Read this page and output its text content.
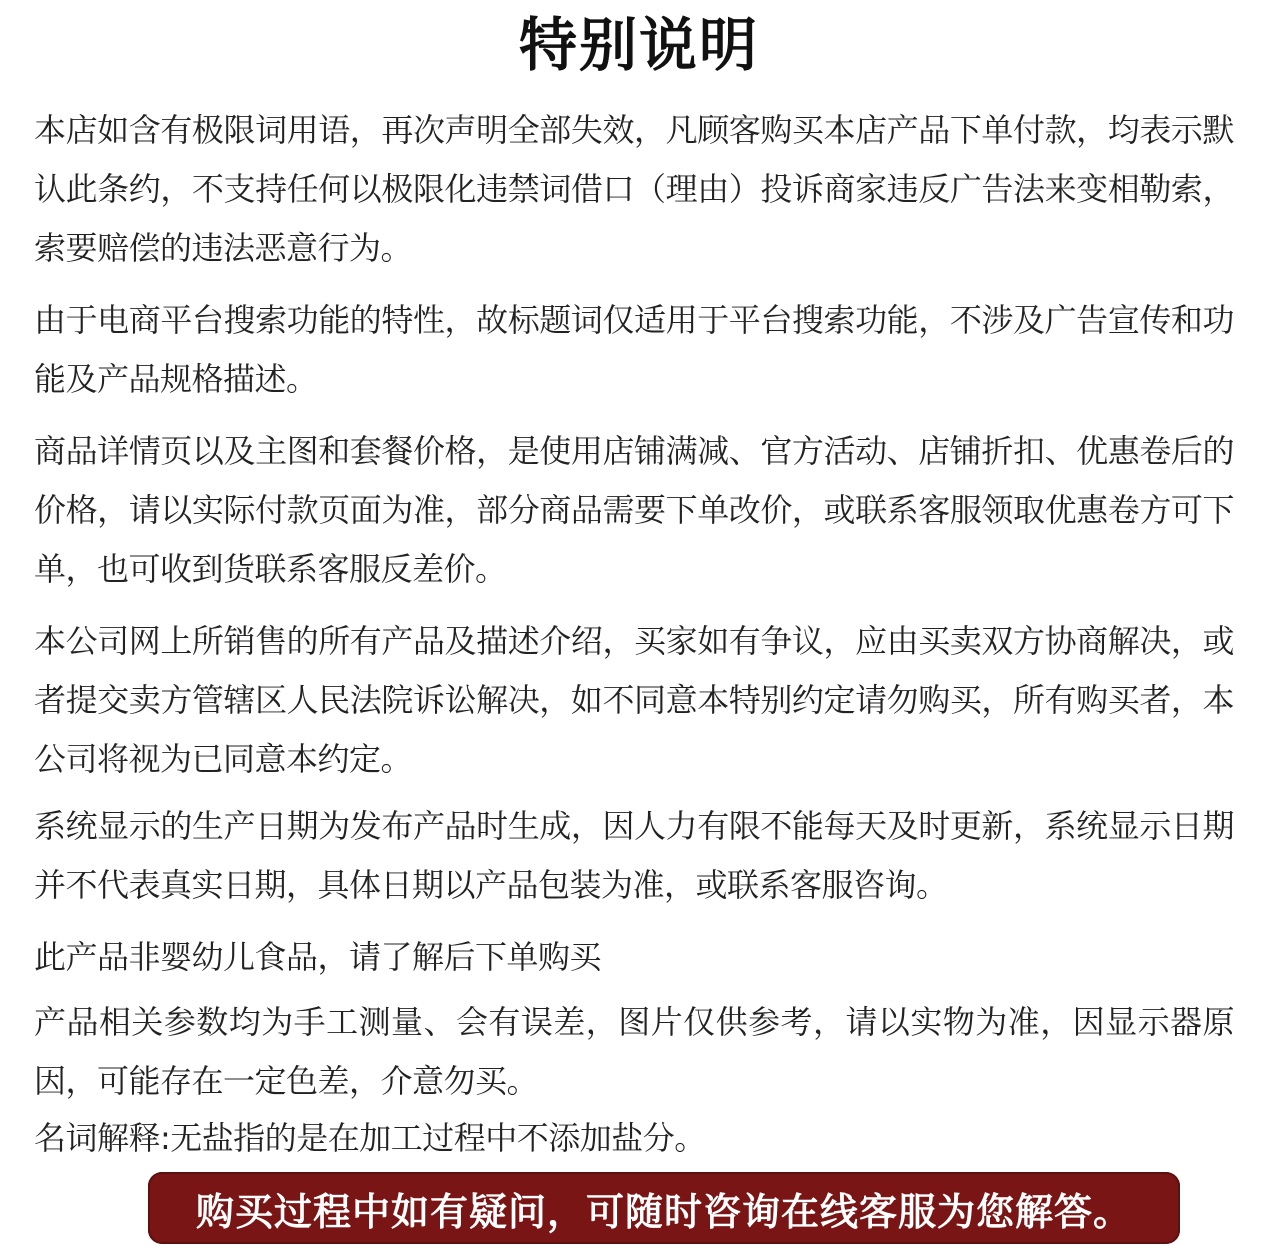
特别说明
本店如含有极限词用语，再次声明全部失效，凡顾客购买本店产品下单付款，均表示默认此条约，不支持任何以极限化违禁词借口（理由）投诉商家违反广告法来变相勒索，索要赔偿的违法恶意行为。
由于电商平台搜索功能的特性，故标题词仅适用于平台搜索功能，不涉及广告宣传和功能及产品规格描述。
商品详情页以及主图和套餐价格，是使用店铺满减、官方活动、店铺折扣、优惠卷后的价格，请以实际付款页面为准，部分商品需要下单改价，或联系客服领取优惠卷方可下单，也可收到货联系客服反差价。
本公司网上所销售的所有产品及描述介绍，买家如有争议，应由买卖双方协商解决，或者提交卖方管辖区人民法院诉讼解决，如不同意本特别约定请勿购买，所有购买者，本公司将视为已同意本约定。
系统显示的生产日期为发布产品时生成，因人力有限不能每天及时更新，系统显示日期并不代表真实日期，具体日期以产品包装为准，或联系客服咨询。
此产品非婴幼儿食品，请了解后下单购买
产品相关参数均为手工测量、会有误差，图片仅供参考，请以实物为准，因显示器原因，可能存在一定色差，介意勿买。
名词解释:无盐指的是在加工过程中不添加盐分。
购买过程中如有疑问，可随时咨询在线客服为您解答。
